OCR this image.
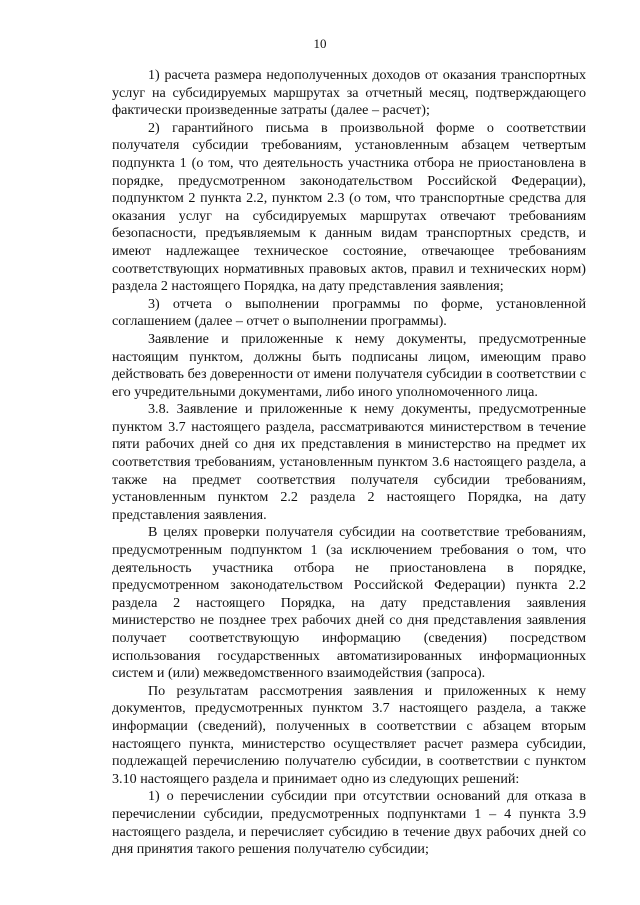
10

1) расчета размера недополученных доходов от оказания транспортных услуг на субсидируемых маршрутах за отчетный месяц, подтверждающего фактически произведенные затраты (далее – расчет);

2) гарантийного письма в произвольной форме о соответствии получателя субсидии требованиям, установленным абзацем четвертым подпункта 1 (о том, что деятельность участника отбора не приостановлена в порядке, предусмотренном законодательством Российской Федерации), подпунктом 2 пункта 2.2, пунктом 2.3 (о том, что транспортные средства для оказания услуг на субсидируемых маршрутах отвечают требованиям безопасности, предъявляемым к данным видам транспортных средств, и имеют надлежащее техническое состояние, отвечающее требованиям соответствующих нормативных правовых актов, правил и технических норм) раздела 2 настоящего Порядка, на дату представления заявления;

3) отчета о выполнении программы по форме, установленной соглашением (далее – отчет о выполнении программы).

Заявление и приложенные к нему документы, предусмотренные настоящим пунктом, должны быть подписаны лицом, имеющим право действовать без доверенности от имени получателя субсидии в соответствии с его учредительными документами, либо иного уполномоченного лица.

3.8. Заявление и приложенные к нему документы, предусмотренные пунктом 3.7 настоящего раздела, рассматриваются министерством в течение пяти рабочих дней со дня их представления в министерство на предмет их соответствия требованиям, установленным пунктом 3.6 настоящего раздела, а также на предмет соответствия получателя субсидии требованиям, установленным пунктом 2.2 раздела 2 настоящего Порядка, на дату представления заявления.

В целях проверки получателя субсидии на соответствие требованиям, предусмотренным подпунктом 1 (за исключением требования о том, что деятельность участника отбора не приостановлена в порядке, предусмотренном законодательством Российской Федерации) пункта 2.2 раздела 2 настоящего Порядка, на дату представления заявления министерство не позднее трех рабочих дней со дня представления заявления получает соответствующую информацию (сведения) посредством использования государственных автоматизированных информационных систем и (или) межведомственного взаимодействия (запроса).

По результатам рассмотрения заявления и приложенных к нему документов, предусмотренных пунктом 3.7 настоящего раздела, а также информации (сведений), полученных в соответствии с абзацем вторым настоящего пункта, министерство осуществляет расчет размера субсидии, подлежащей перечислению получателю субсидии, в соответствии с пунктом 3.10 настоящего раздела и принимает одно из следующих решений:

1) о перечислении субсидии при отсутствии оснований для отказа в перечислении субсидии, предусмотренных подпунктами 1 – 4 пункта 3.9 настоящего раздела, и перечисляет субсидию в течение двух рабочих дней со дня принятия такого решения получателю субсидии;
